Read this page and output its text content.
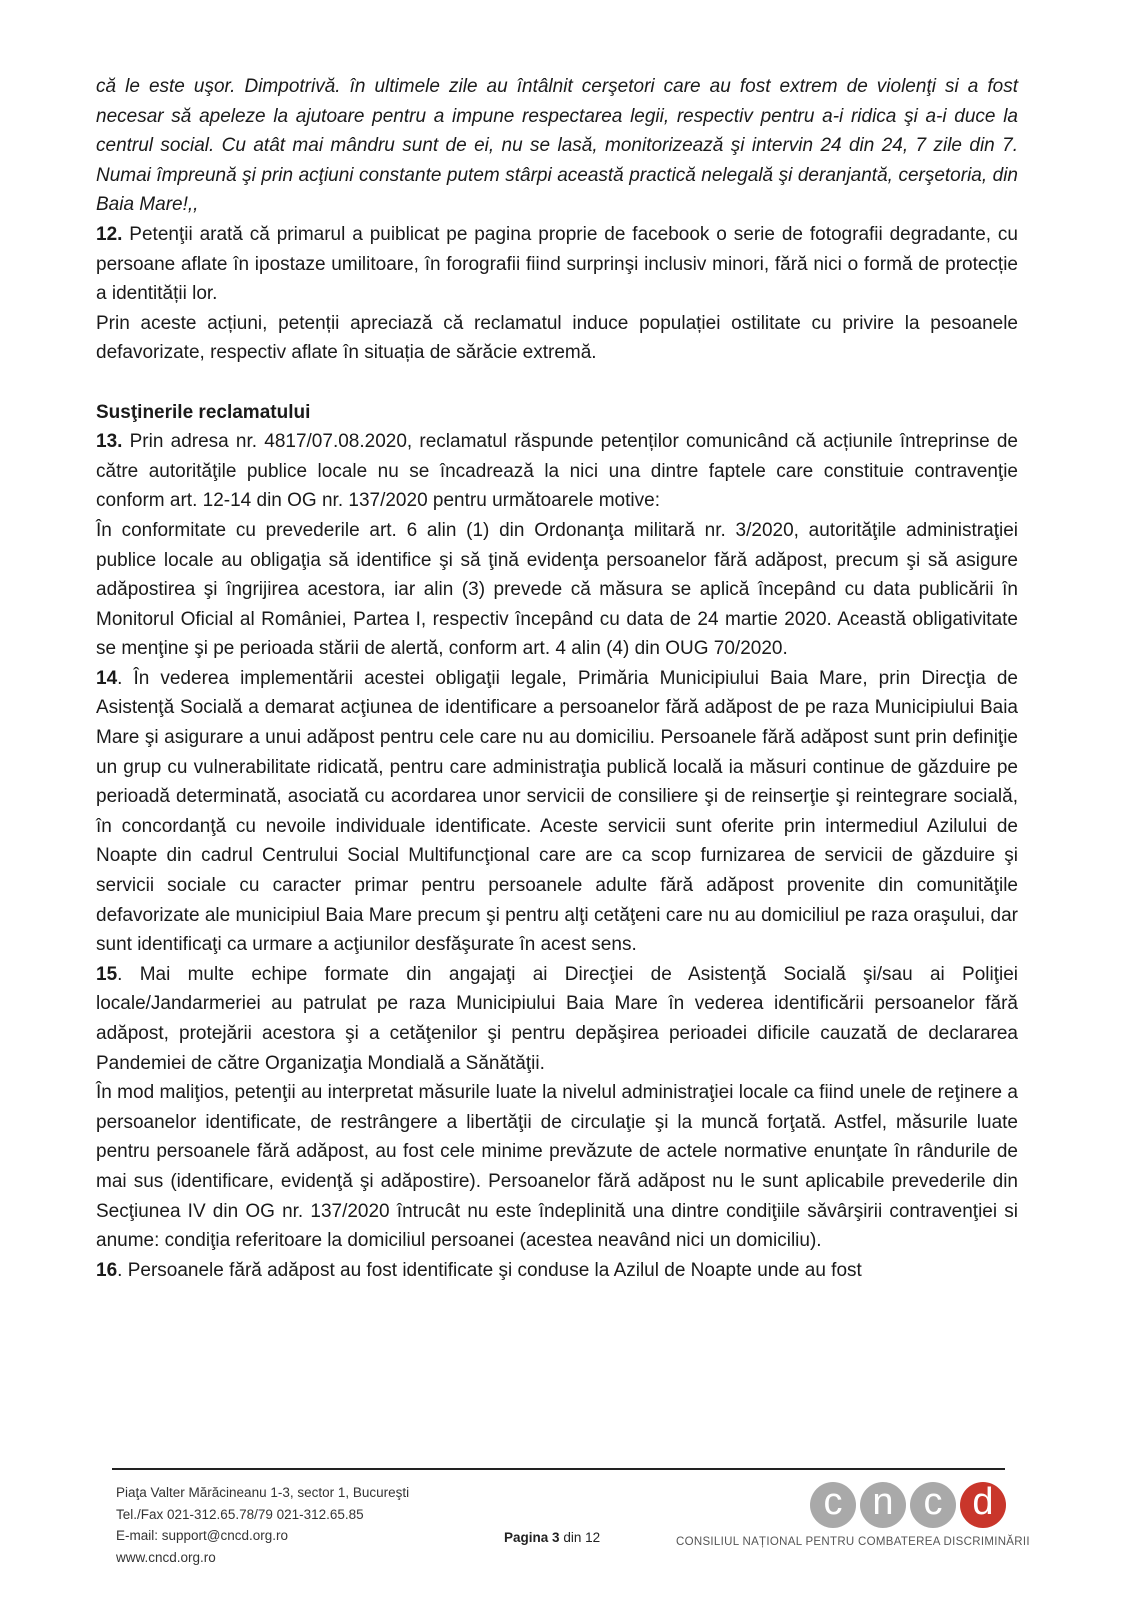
că le este uşor. Dimpotrivă. în ultimele zile au întâlnit cerşetori care au fost extrem de violenţi si a fost necesar să apeleze la ajutoare pentru a impune respectarea legii, respectiv pentru a-i ridica şi a-i duce la centrul social. Cu atât mai mândru sunt de ei, nu se lasă, monitorizează şi intervin 24 din 24, 7 zile din 7. Numai împreună şi prin acţiuni constante putem stârpi această practică nelegală şi deranjantă, cerşetoria, din Baia Mare!,,

12. Petenţii arată că primarul a puiblicat pe pagina proprie de facebook o serie de fotografii degradante, cu persoane aflate în ipostaze umilitoare, în forografii fiind surprinşi inclusiv minori, fără nici o formă de protecție a identității lor.

Prin aceste acțiuni, petenții apreciază că reclamatul induce populației ostilitate cu privire la pesoanele defavorizate, respectiv aflate în situația de sărăcie extremă.

Susţinerile reclamatului

13. Prin adresa nr. 4817/07.08.2020, reclamatul răspunde petenților comunicând că acțiunile întreprinse de către autorităţile publice locale nu se încadrează la nici una dintre faptele care constituie contravenţie conform art. 12-14 din OG nr. 137/2020 pentru următoarele motive:

În conformitate cu prevederile art. 6 alin (1) din Ordonanţa militară nr. 3/2020, autorităţile administraţiei publice locale au obligaţia să identifice şi să ţină evidenţa persoanelor fără adăpost, precum şi să asigure adăpostirea şi îngrijirea acestora, iar alin (3) prevede că măsura se aplică începând cu data publicării în Monitorul Oficial al României, Partea I, respectiv începând cu data de 24 martie 2020. Această obligativitate se menţine şi pe perioada stării de alertă, conform art. 4 alin (4) din OUG 70/2020.

14. În vederea implementării acestei obligaţii legale, Primăria Municipiului Baia Mare, prin Direcţia de Asistenţă Socială a demarat acţiunea de identificare a persoanelor fără adăpost de pe raza Municipiului Baia Mare şi asigurare a unui adăpost pentru cele care nu au domiciliu. Persoanele fără adăpost sunt prin definiţie un grup cu vulnerabilitate ridicată, pentru care administraţia publică locală ia măsuri continue de găzduire pe perioadă determinată, asociată cu acordarea unor servicii de consiliere şi de reinserţie şi reintegrare socială, în concordanţă cu nevoile individuale identificate. Aceste servicii sunt oferite prin intermediul Azilului de Noapte din cadrul Centrului Social Multifuncţional care are ca scop furnizarea de servicii de găzduire şi servicii sociale cu caracter primar pentru persoanele adulte fără adăpost provenite din comunităţile defavorizate ale municipiul Baia Mare precum şi pentru alţi cetăţeni care nu au domiciliul pe raza oraşului, dar sunt identificaţi ca urmare a acţiunilor desfăşurate în acest sens.

15. Mai multe echipe formate din angajaţi ai Direcţiei de Asistenţă Socială şi/sau ai Poliţiei locale/Jandarmeriei au patrulat pe raza Municipiului Baia Mare în vederea identificării persoanelor fără adăpost, protejării acestora şi a cetăţenilor şi pentru depăşirea perioadei dificile cauzată de declararea Pandemiei de către Organizaţia Mondială a Sănătăţii.

În mod maliţios, petenţii au interpretat măsurile luate la nivelul administraţiei locale ca fiind unele de reţinere a persoanelor identificate, de restrângere a libertăţii de circulaţie şi la muncă forţată. Astfel, măsurile luate pentru persoanele fără adăpost, au fost cele minime prevăzute de actele normative enunţate în rândurile de mai sus (identificare, evidenţă şi adăpostire). Persoanelor fără adăpost nu le sunt aplicabile prevederile din Secţiunea IV din OG nr. 137/2020 întrucât nu este îndeplinită una dintre condiţiile săvârşirii contravenţiei si anume: condiţia referitoare la domiciliul persoanei (acestea neavând nici un domiciliu).

16. Persoanele fără adăpost au fost identificate şi conduse la Azilul de Noapte unde au fost

Piaţa Valter Mărăcineanu 1-3, sector 1, Bucureşti
Tel./Fax 021-312.65.78/79 021-312.65.85
E-mail: support@cncd.org.ro
www.cncd.org.ro
Pagina 3 din 12
c n c d
CONSILIUL NAȚIONAL PENTRU COMBATEREA DISCRIMINĂRII
